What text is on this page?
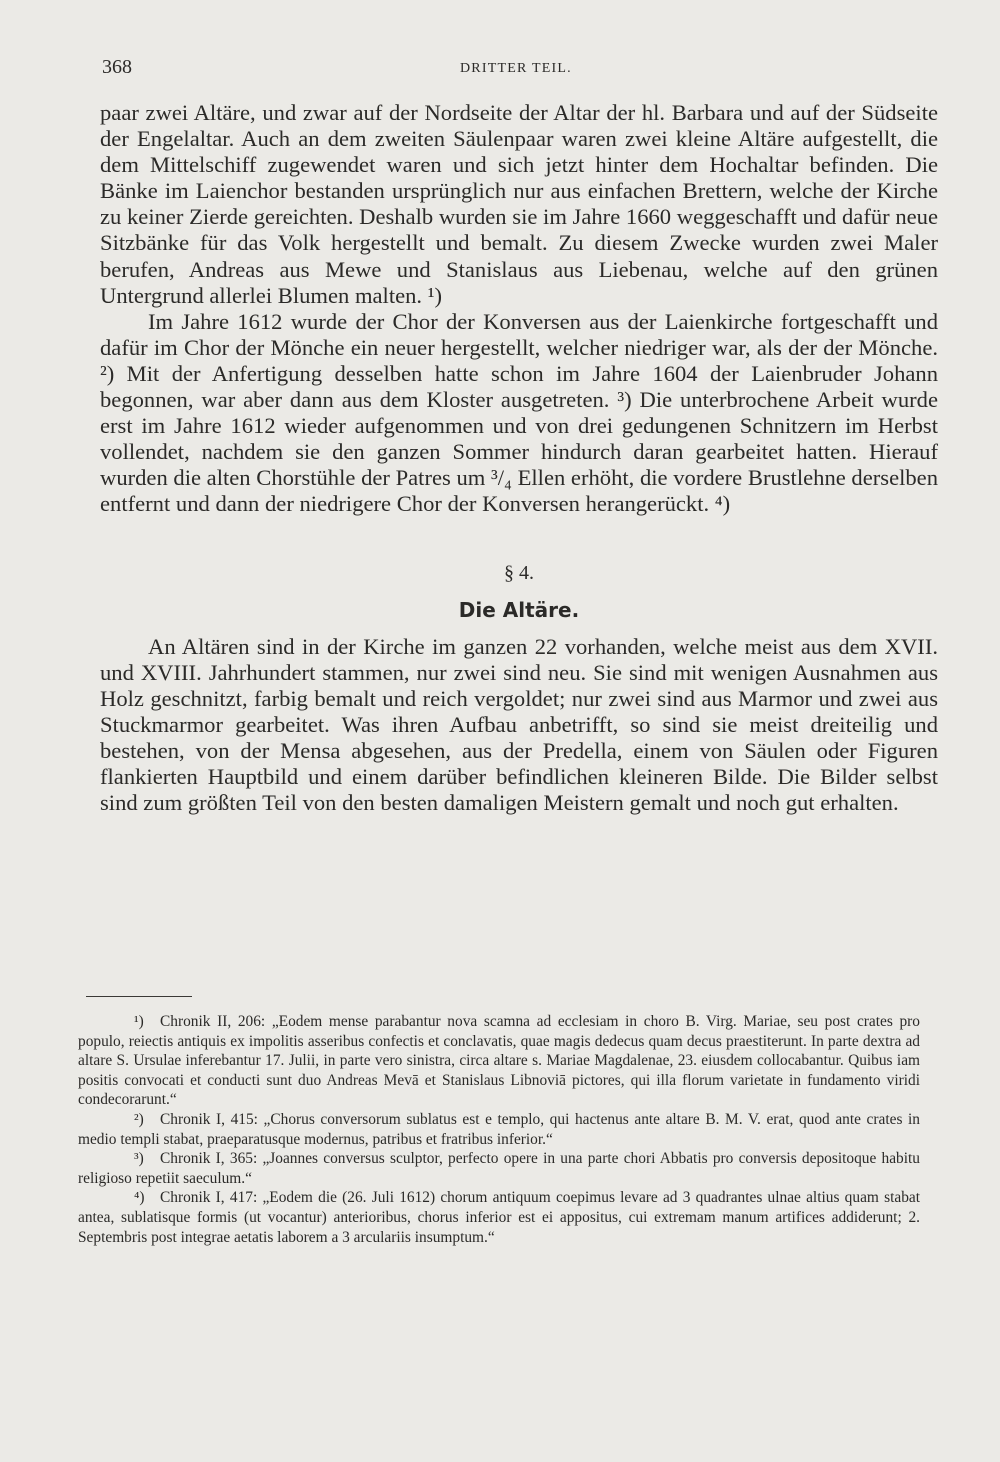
368	DRITTER TEIL.

paar zwei Altäre, und zwar auf der Nordseite der Altar der hl. Barbara und auf der Südseite der Engelaltar. Auch an dem zweiten Säulenpaar waren zwei kleine Altäre aufgestellt, die dem Mittelschiff zugewendet waren und sich jetzt hinter dem Hochaltar befinden. Die Bänke im Laienchor bestanden ursprünglich nur aus einfachen Brettern, welche der Kirche zu keiner Zierde gereichten. Deshalb wurden sie im Jahre 1660 weggeschafft und dafür neue Sitzbänke für das Volk hergestellt und bemalt. Zu diesem Zwecke wurden zwei Maler berufen, Andreas aus Mewe und Stanislaus aus Liebenau, welche auf den grünen Untergrund allerlei Blumen malten. ¹)

Im Jahre 1612 wurde der Chor der Konversen aus der Laienkirche fortgeschafft und dafür im Chor der Mönche ein neuer hergestellt, welcher niedriger war, als der der Mönche. ²) Mit der Anfertigung desselben hatte schon im Jahre 1604 der Laienbruder Johann begonnen, war aber dann aus dem Kloster ausgetreten. ³) Die unterbrochene Arbeit wurde erst im Jahre 1612 wieder aufgenommen und von drei gedungenen Schnitzern im Herbst vollendet, nachdem sie den ganzen Sommer hindurch daran gearbeitet hatten. Hierauf wurden die alten Chorstühle der Patres um ³/₄ Ellen erhöht, die vordere Brustlehne derselben entfernt und dann der niedrigere Chor der Konversen herangerückt. ⁴)

§ 4.
Die Altäre.

An Altären sind in der Kirche im ganzen 22 vorhanden, welche meist aus dem XVII. und XVIII. Jahrhundert stammen, nur zwei sind neu. Sie sind mit wenigen Ausnahmen aus Holz geschnitzt, farbig bemalt und reich vergoldet; nur zwei sind aus Marmor und zwei aus Stuckmarmor gearbeitet. Was ihren Aufbau anbetrifft, so sind sie meist dreiteilig und bestehen, von der Mensa abgesehen, aus der Predella, einem von Säulen oder Figuren flankierten Hauptbild und einem darüber befindlichen kleineren Bilde. Die Bilder selbst sind zum größten Teil von den besten damaligen Meistern gemalt und noch gut erhalten.

¹) Chronik II, 206: „Eodem mense parabantur nova scamna ad ecclesiam in choro B. Virg. Mariae, seu post crates pro populo, reiectis antiquis ex impolitis asseribus confectis et conclavatis, quae magis dedecus quam decus praestiterunt. In parte dextra ad altare S. Ursulae inferebantur 17. Julii, in parte vero sinistra, circa altare s. Mariae Magdalenae, 23. eiusdem collocabantur. Quibus iam positis convocati et conducti sunt duo Andreas Mevā et Stanislaus Libnoviā pictores, qui illa florum varietate in fundamento viridi condecorarunt.“

²) Chronik I, 415: „Chorus conversorum sublatus est e templo, qui hactenus ante altare B. M. V. erat, quod ante crates in medio templi stabat, praeparatusque modernus, patribus et fratribus inferior.“

³) Chronik I, 365: „Joannes conversus sculptor, perfecto opere in una parte chori Abbatis pro conversis depositoque habitu religioso repetiit saeculum.“

⁴) Chronik I, 417: „Eodem die (26. Juli 1612) chorum antiquum coepimus levare ad 3 quadrantes ulnae altius quam stabat antea, sublatisque formis (ut vocantur) anterioribus, chorus inferior est ei appositus, cui extremam manum artifices addiderunt; 2. Septembris post integrae aetatis laborem a 3 arculariis insumptum.“
